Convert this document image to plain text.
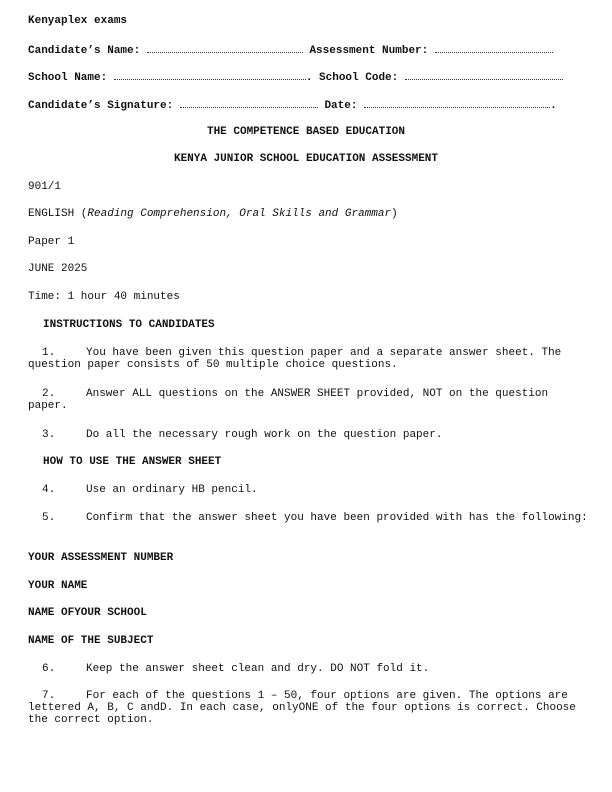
Kenyaplex exams
Candidate’s Name:	Assessment Number:
School Name:	. School Code:
Candidate’s Signature:	Date:	.
THE COMPETENCE BASED EDUCATION
KENYA JUNIOR SCHOOL EDUCATION ASSESSMENT
901/1
ENGLISH (Reading Comprehension, Oral Skills and Grammar)
Paper 1
JUNE 2025
Time: 1 hour 40 minutes
INSTRUCTIONS TO CANDIDATES
1.	You have been given this question paper and a separate answer sheet. The question paper consists of 50 multiple choice questions.
2.	Answer ALL questions on the ANSWER SHEET provided, NOT on the question paper.
3.	Do all the necessary rough work on the question paper.
HOW TO USE THE ANSWER SHEET
4.	Use an ordinary HB pencil.
5.	Confirm that the answer sheet you have been provided with has the following:
YOUR ASSESSMENT NUMBER
YOUR NAME
NAME OFYOUR SCHOOL
NAME OF THE SUBJECT
6.	Keep the answer sheet clean and dry. DO NOT fold it.
7.	For each of the questions 1 – 50, four options are given. The options are lettered A, B, C andD. In each case, onlyONE of the four options is correct. Choose the correct option.
